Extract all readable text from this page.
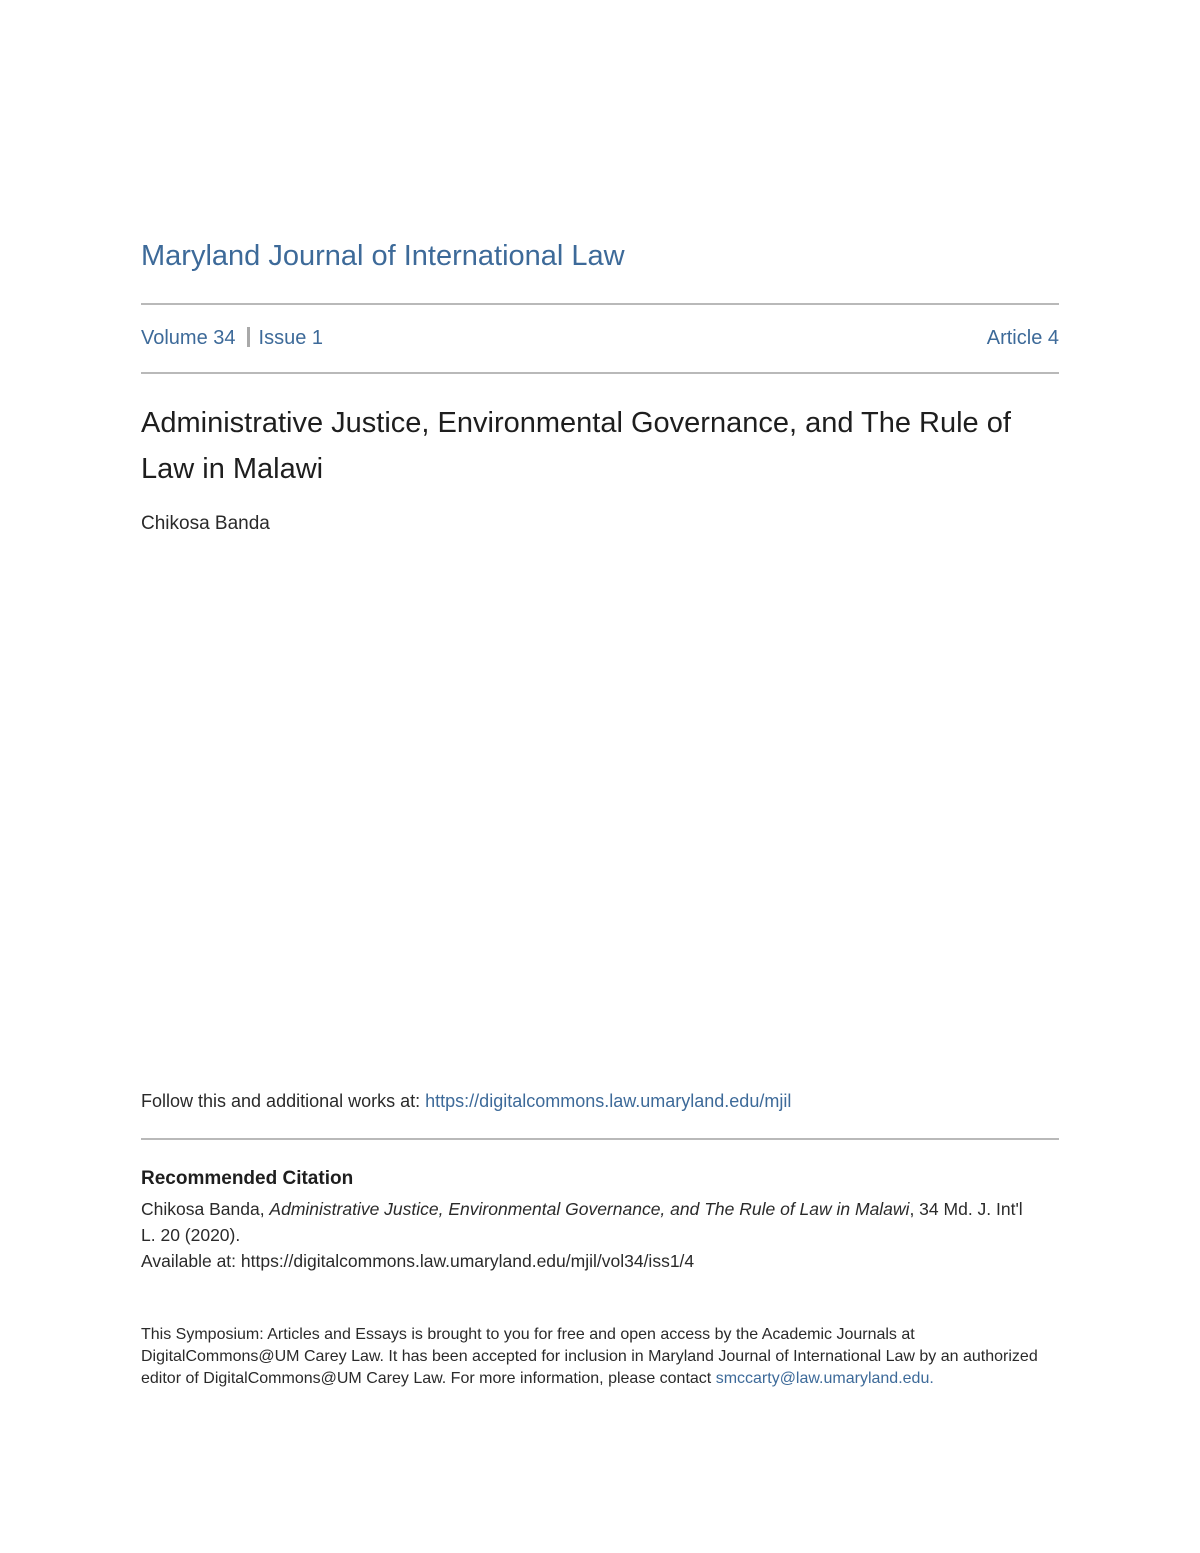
Maryland Journal of International Law
Volume 34 Issue 1	Article 4
Administrative Justice, Environmental Governance, and The Rule of Law in Malawi
Chikosa Banda
Follow this and additional works at: https://digitalcommons.law.umaryland.edu/mjil
Recommended Citation
Chikosa Banda, Administrative Justice, Environmental Governance, and The Rule of Law in Malawi, 34 Md. J. Int'l L. 20 (2020).
Available at: https://digitalcommons.law.umaryland.edu/mjil/vol34/iss1/4
This Symposium: Articles and Essays is brought to you for free and open access by the Academic Journals at DigitalCommons@UM Carey Law. It has been accepted for inclusion in Maryland Journal of International Law by an authorized editor of DigitalCommons@UM Carey Law. For more information, please contact smccarty@law.umaryland.edu.
